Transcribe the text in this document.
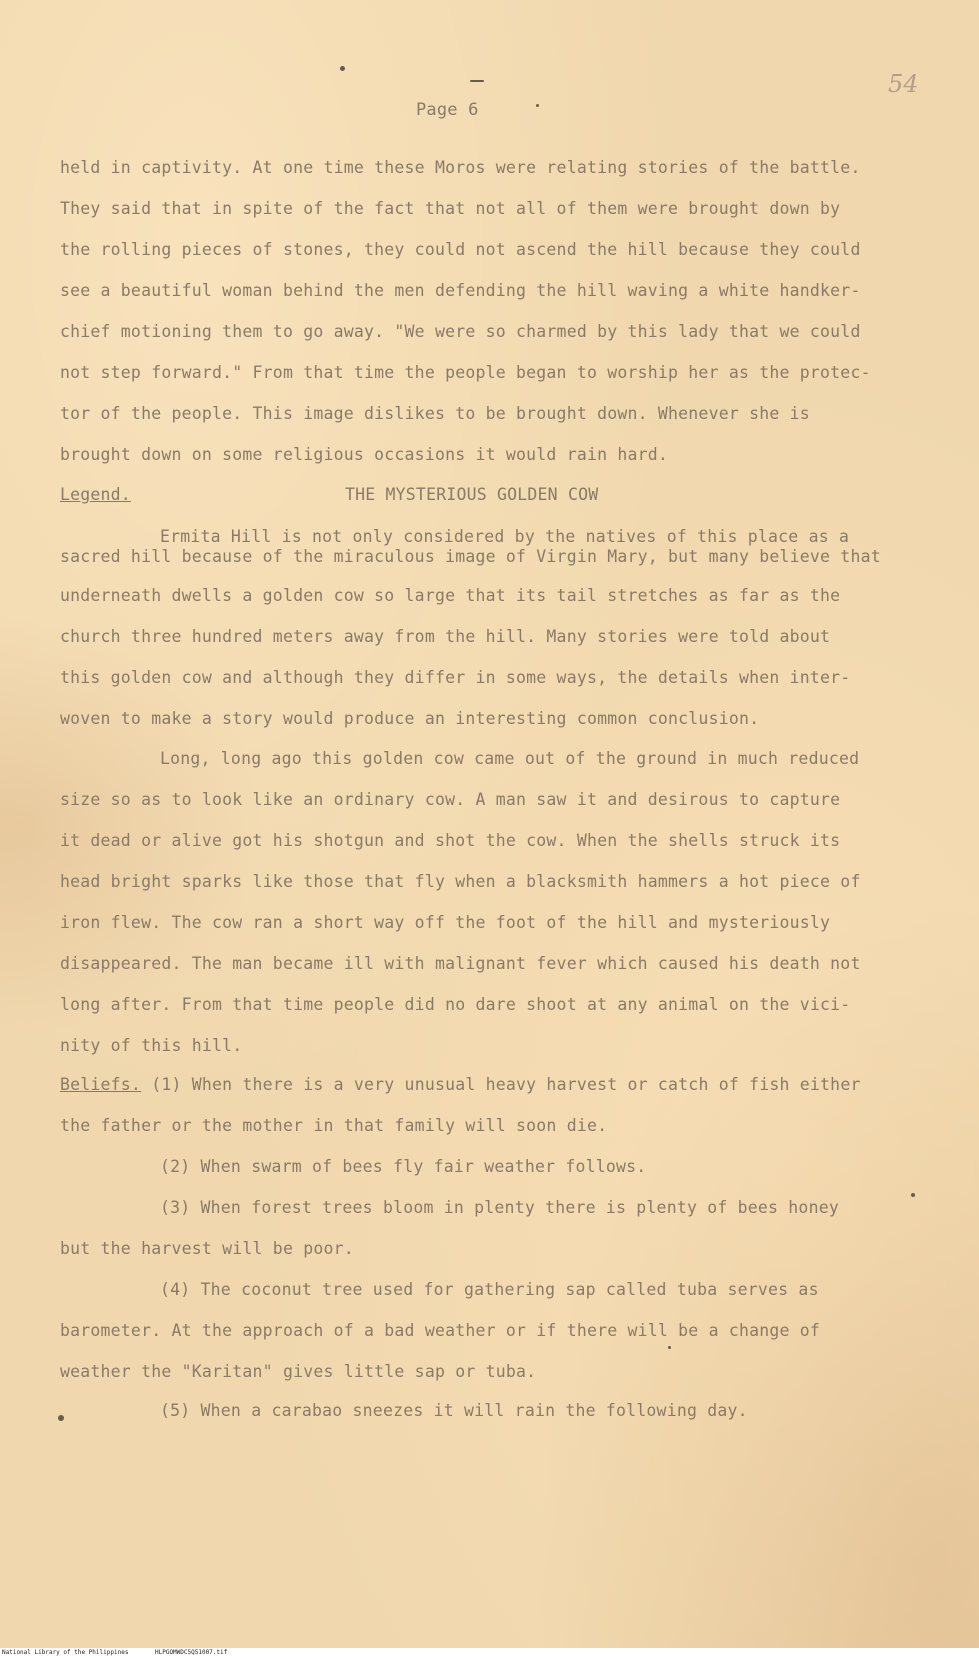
Page 6
54
held in captivity. At one time these Moros were relating stories of the battle.
They said that in spite of the fact that not all of them were brought down by
the rolling pieces of stones, they could not ascend the hill because they could
see a beautiful woman behind the men defending the hill waving a white handker-
chief motioning them to go away. "We were so charmed by this lady that we could
not step forward." From that time the people began to worship her as the protec-
tor of the people. This image dislikes to be brought down. Whenever she is
brought down on some religious occasions it would rain hard.
Legend.	THE MYSTERIOUS GOLDEN COW
Ermita Hill is not only considered by the natives of this place as a
sacred hill because of the miraculous image of Virgin Mary, but many believe that
underneath dwells a golden cow so large that its tail stretches as far as the
church three hundred meters away from the hill. Many stories were told about
this golden cow and although they differ in some ways, the details when inter-
woven to make a story would produce an interesting common conclusion.
Long, long ago this golden cow came out of the ground in much reduced
size so as to look like an ordinary cow. A man saw it and desirous to capture
it dead or alive got his shotgun and shot the cow. When the shells struck its
head bright sparks like those that fly when a blacksmith hammers a hot piece of
iron flew. The cow ran a short way off the foot of the hill and mysteriously
disappeared. The man became ill with malignant fever which caused his death not
long after. From that time people did no dare shoot at any animal on the vici-
nity of this hill.
Beliefs. (1) When there is a very unusual heavy harvest or catch of fish either
the father or the mother in that family will soon die.
(2) When swarm of bees fly fair weather follows.
(3) When forest trees bloom in plenty there is plenty of bees honey
but the harvest will be poor.
(4) The coconut tree used for gathering sap called tuba serves as
barometer. At the approach of a bad weather or if there will be a change of
weather the "Karitan" gives little sap or tuba.
(5) When a carabao sneezes it will rain the following day.
National Library of the Philippines	HLPGOMWDC5Q51007.tif
